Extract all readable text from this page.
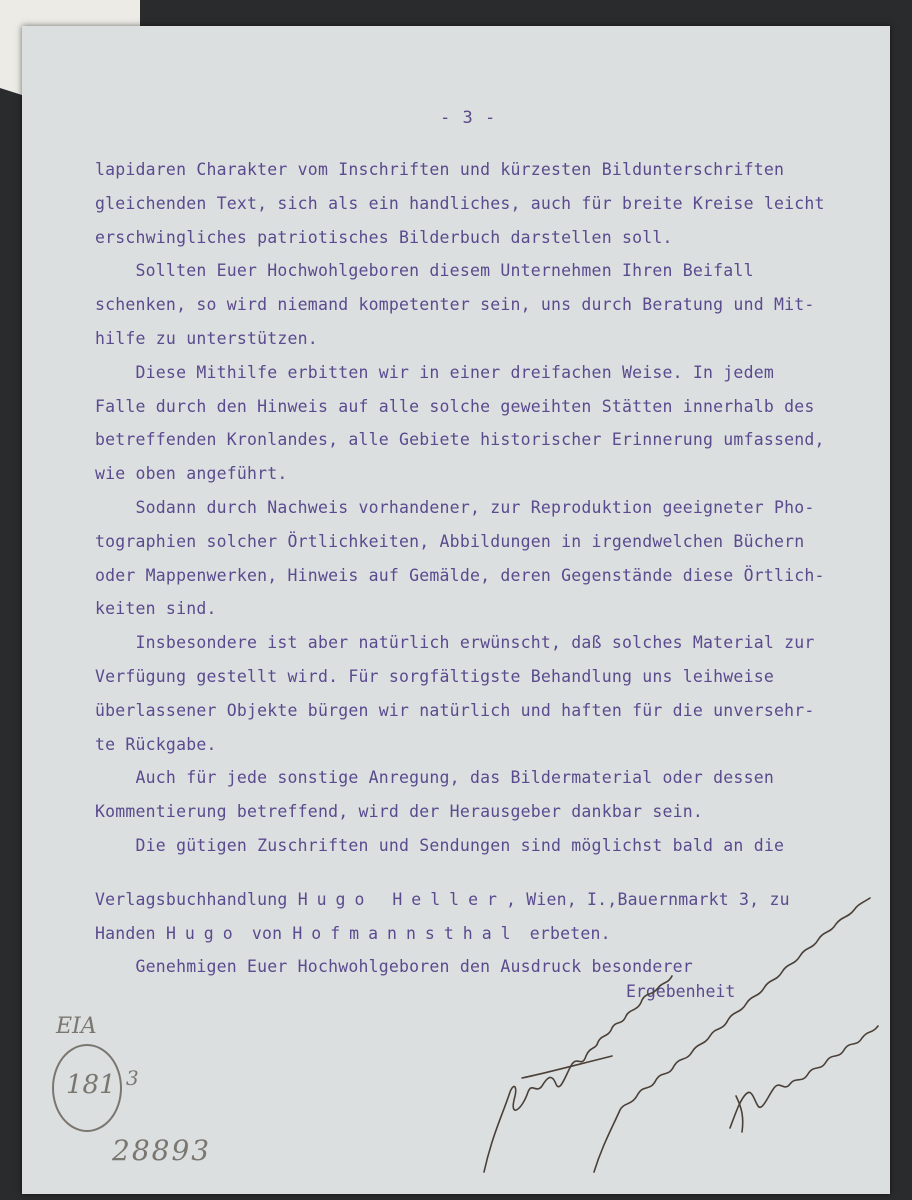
- 3 -
lapidaren Charakter vom Inschriften und kürzesten Bildunterschriften
gleichenden Text, sich als ein handliches, auch für breite Kreise leicht
erschwingliches patriotisches Bilderbuch darstellen soll.
Sollten Euer Hochwohlgeboren diesem Unternehmen Ihren Beifall
schenken, so wird niemand kompetenter sein, uns durch Beratung und Mit-
hilfe zu unterstützen.
Diese Mithilfe erbitten wir in einer dreifachen Weise. In jedem
Falle durch den Hinweis auf alle solche geweihten Stätten innerhalb des
betreffenden Kronlandes, alle Gebiete historischer Erinnerung umfassend,
wie oben angeführt.
Sodann durch Nachweis vorhandener, zur Reproduktion geeigneter Pho-
tographien solcher Örtlichkeiten, Abbildungen in irgendwelchen Büchern
oder Mappenwerken, Hinweis auf Gemälde, deren Gegenstände diese Örtlich-
keiten sind.
Insbesondere ist aber natürlich erwünscht, daß solches Material zur
Verfügung gestellt wird. Für sorgfältigste Behandlung uns leihweise
überlassener Objekte bürgen wir natürlich und haften für die unversehr-
te Rückgabe.
Auch für jede sonstige Anregung, das Bildermaterial oder dessen
Kommentierung betreffend, wird der Herausgeber dankbar sein.
Die gütigen Zuschriften und Sendungen sind möglichst bald an die
Verlagsbuchhandlung Hugo Heller, Wien, I.,Bauernmarkt 3, zu
Handen Hugo von Hofmannsthal erbeten.
Genehmigen Euer Hochwohlgeboren den Ausdruck besonderer
Ergebenheit
EIA
181 3
28893
